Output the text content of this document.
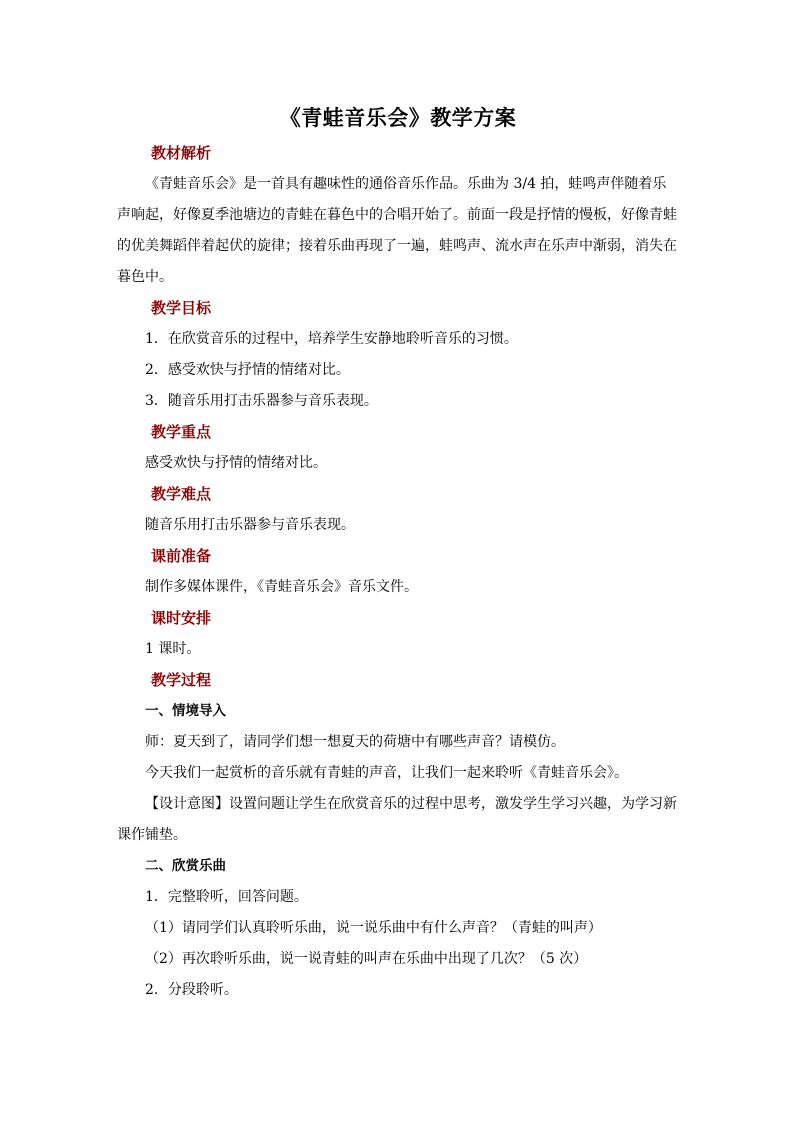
《青蛙音乐会》教学方案

教材解析

《青蛙音乐会》是一首具有趣味性的通俗音乐作品。乐曲为 3/4 拍，蛙鸣声伴随着乐声响起，好像夏季池塘边的青蛙在暮色中的合唱开始了。前面一段是抒情的慢板，好像青蛙的优美舞蹈伴着起伏的旋律；接着乐曲再现了一遍，蛙鸣声、流水声在乐声中渐弱，消失在暮色中。

教学目标

1．在欣赏音乐的过程中，培养学生安静地聆听音乐的习惯。

2．感受欢快与抒情的情绪对比。

3．随音乐用打击乐器参与音乐表现。

教学重点

感受欢快与抒情的情绪对比。

教学难点

随音乐用打击乐器参与音乐表现。

课前准备

制作多媒体课件，《青蛙音乐会》音乐文件。

课时安排

1 课时。

教学过程

一、情境导入

师：夏天到了，请同学们想一想夏天的荷塘中有哪些声音？请模仿。

今天我们一起赏析的音乐就有青蛙的声音，让我们一起来聆听《青蛙音乐会》。

【设计意图】设置问题让学生在欣赏音乐的过程中思考，激发学生学习兴趣，为学习新课作铺垫。

二、欣赏乐曲

1．完整聆听，回答问题。

（1）请同学们认真聆听乐曲，说一说乐曲中有什么声音？（青蛙的叫声）

（2）再次聆听乐曲，说一说青蛙的叫声在乐曲中出现了几次？（5 次）

2．分段聆听。
